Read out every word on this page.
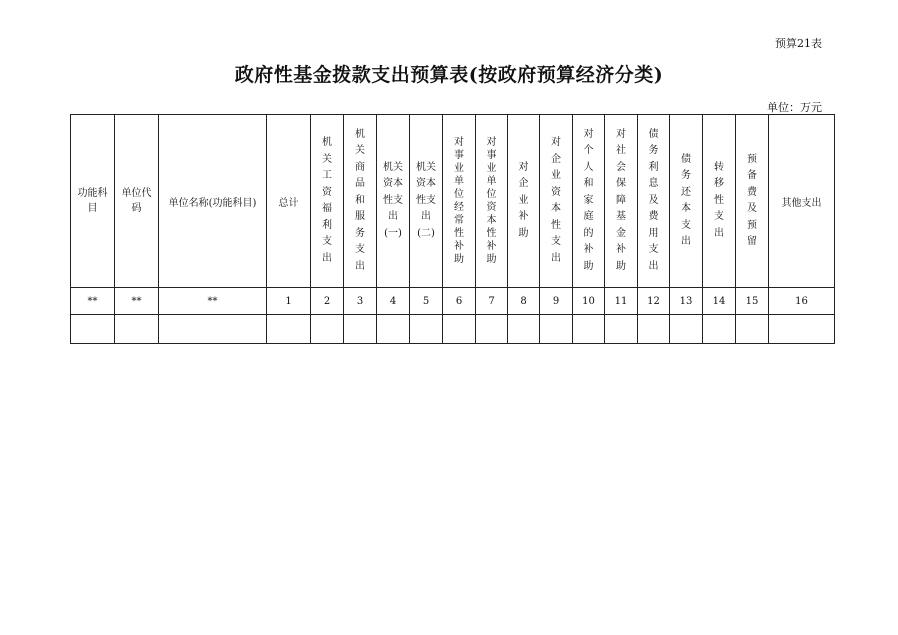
预算21表
政府性基金拨款支出预算表(按政府预算经济分类)
单位：万元
功能科目	单位代码	单位名称(功能科目)	总计	机关工资福利支出	机关商品和服务支出	机关资本性支出(一)	机关资本性支出(二)	对事业单位经常性补助	对事业单位资本性补助	对企业补助	对企业资本性支出	对个人和家庭的补助	对社会保障基金补助	债务利息及费用支出	债务还本支出	转移性支出	预备费及预留	其他支出
**	**	**	1	2	3	4	5	6	7	8	9	10	11	12	13	14	15	16
